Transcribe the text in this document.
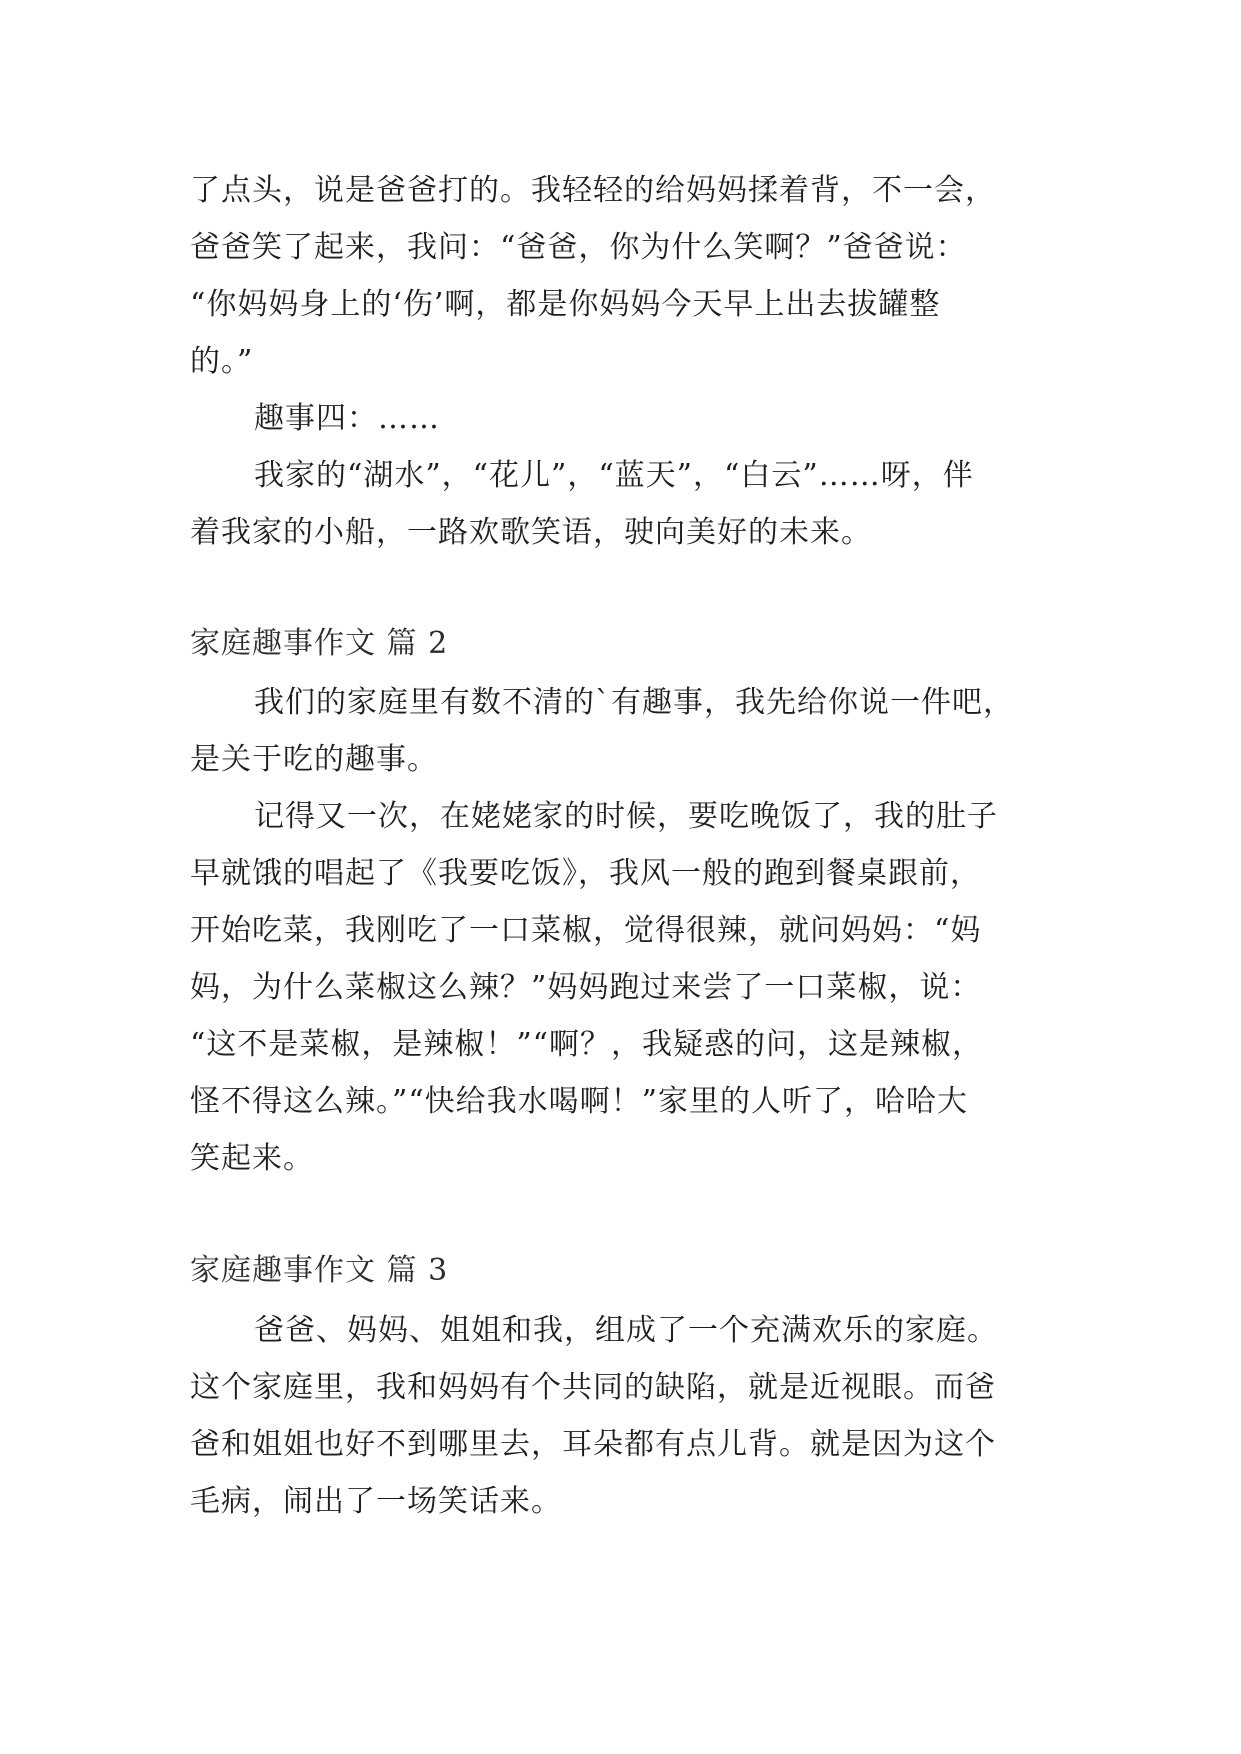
了点头，说是爸爸打的。我轻轻的给妈妈揉着背，不一会，
爸爸笑了起来，我问：“爸爸，你为什么笑啊？”爸爸说：
“你妈妈身上的‘伤’啊，都是你妈妈今天早上出去拔罐整
的。”
趣事四：……
我家的“湖水”，“花儿”，“蓝天”，“白云”……呀，伴
着我家的小船，一路欢歌笑语，驶向美好的未来。
家庭趣事作文 篇 2
我们的家庭里有数不清的`有趣事，我先给你说一件吧，
是关于吃的趣事。
记得又一次，在姥姥家的时候，要吃晚饭了，我的肚子
早就饿的唱起了《我要吃饭》，我风一般的跑到餐桌跟前，
开始吃菜，我刚吃了一口菜椒，觉得很辣，就问妈妈：“妈
妈，为什么菜椒这么辣？”妈妈跑过来尝了一口菜椒，说：
“这不是菜椒，是辣椒！”“啊？，我疑惑的问，这是辣椒，
怪不得这么辣。”“快给我水喝啊！”家里的人听了，哈哈大
笑起来。
家庭趣事作文 篇 3
爸爸、妈妈、姐姐和我，组成了一个充满欢乐的家庭。
这个家庭里，我和妈妈有个共同的缺陷，就是近视眼。而爸
爸和姐姐也好不到哪里去，耳朵都有点儿背。就是因为这个
毛病，闹出了一场笑话来。
